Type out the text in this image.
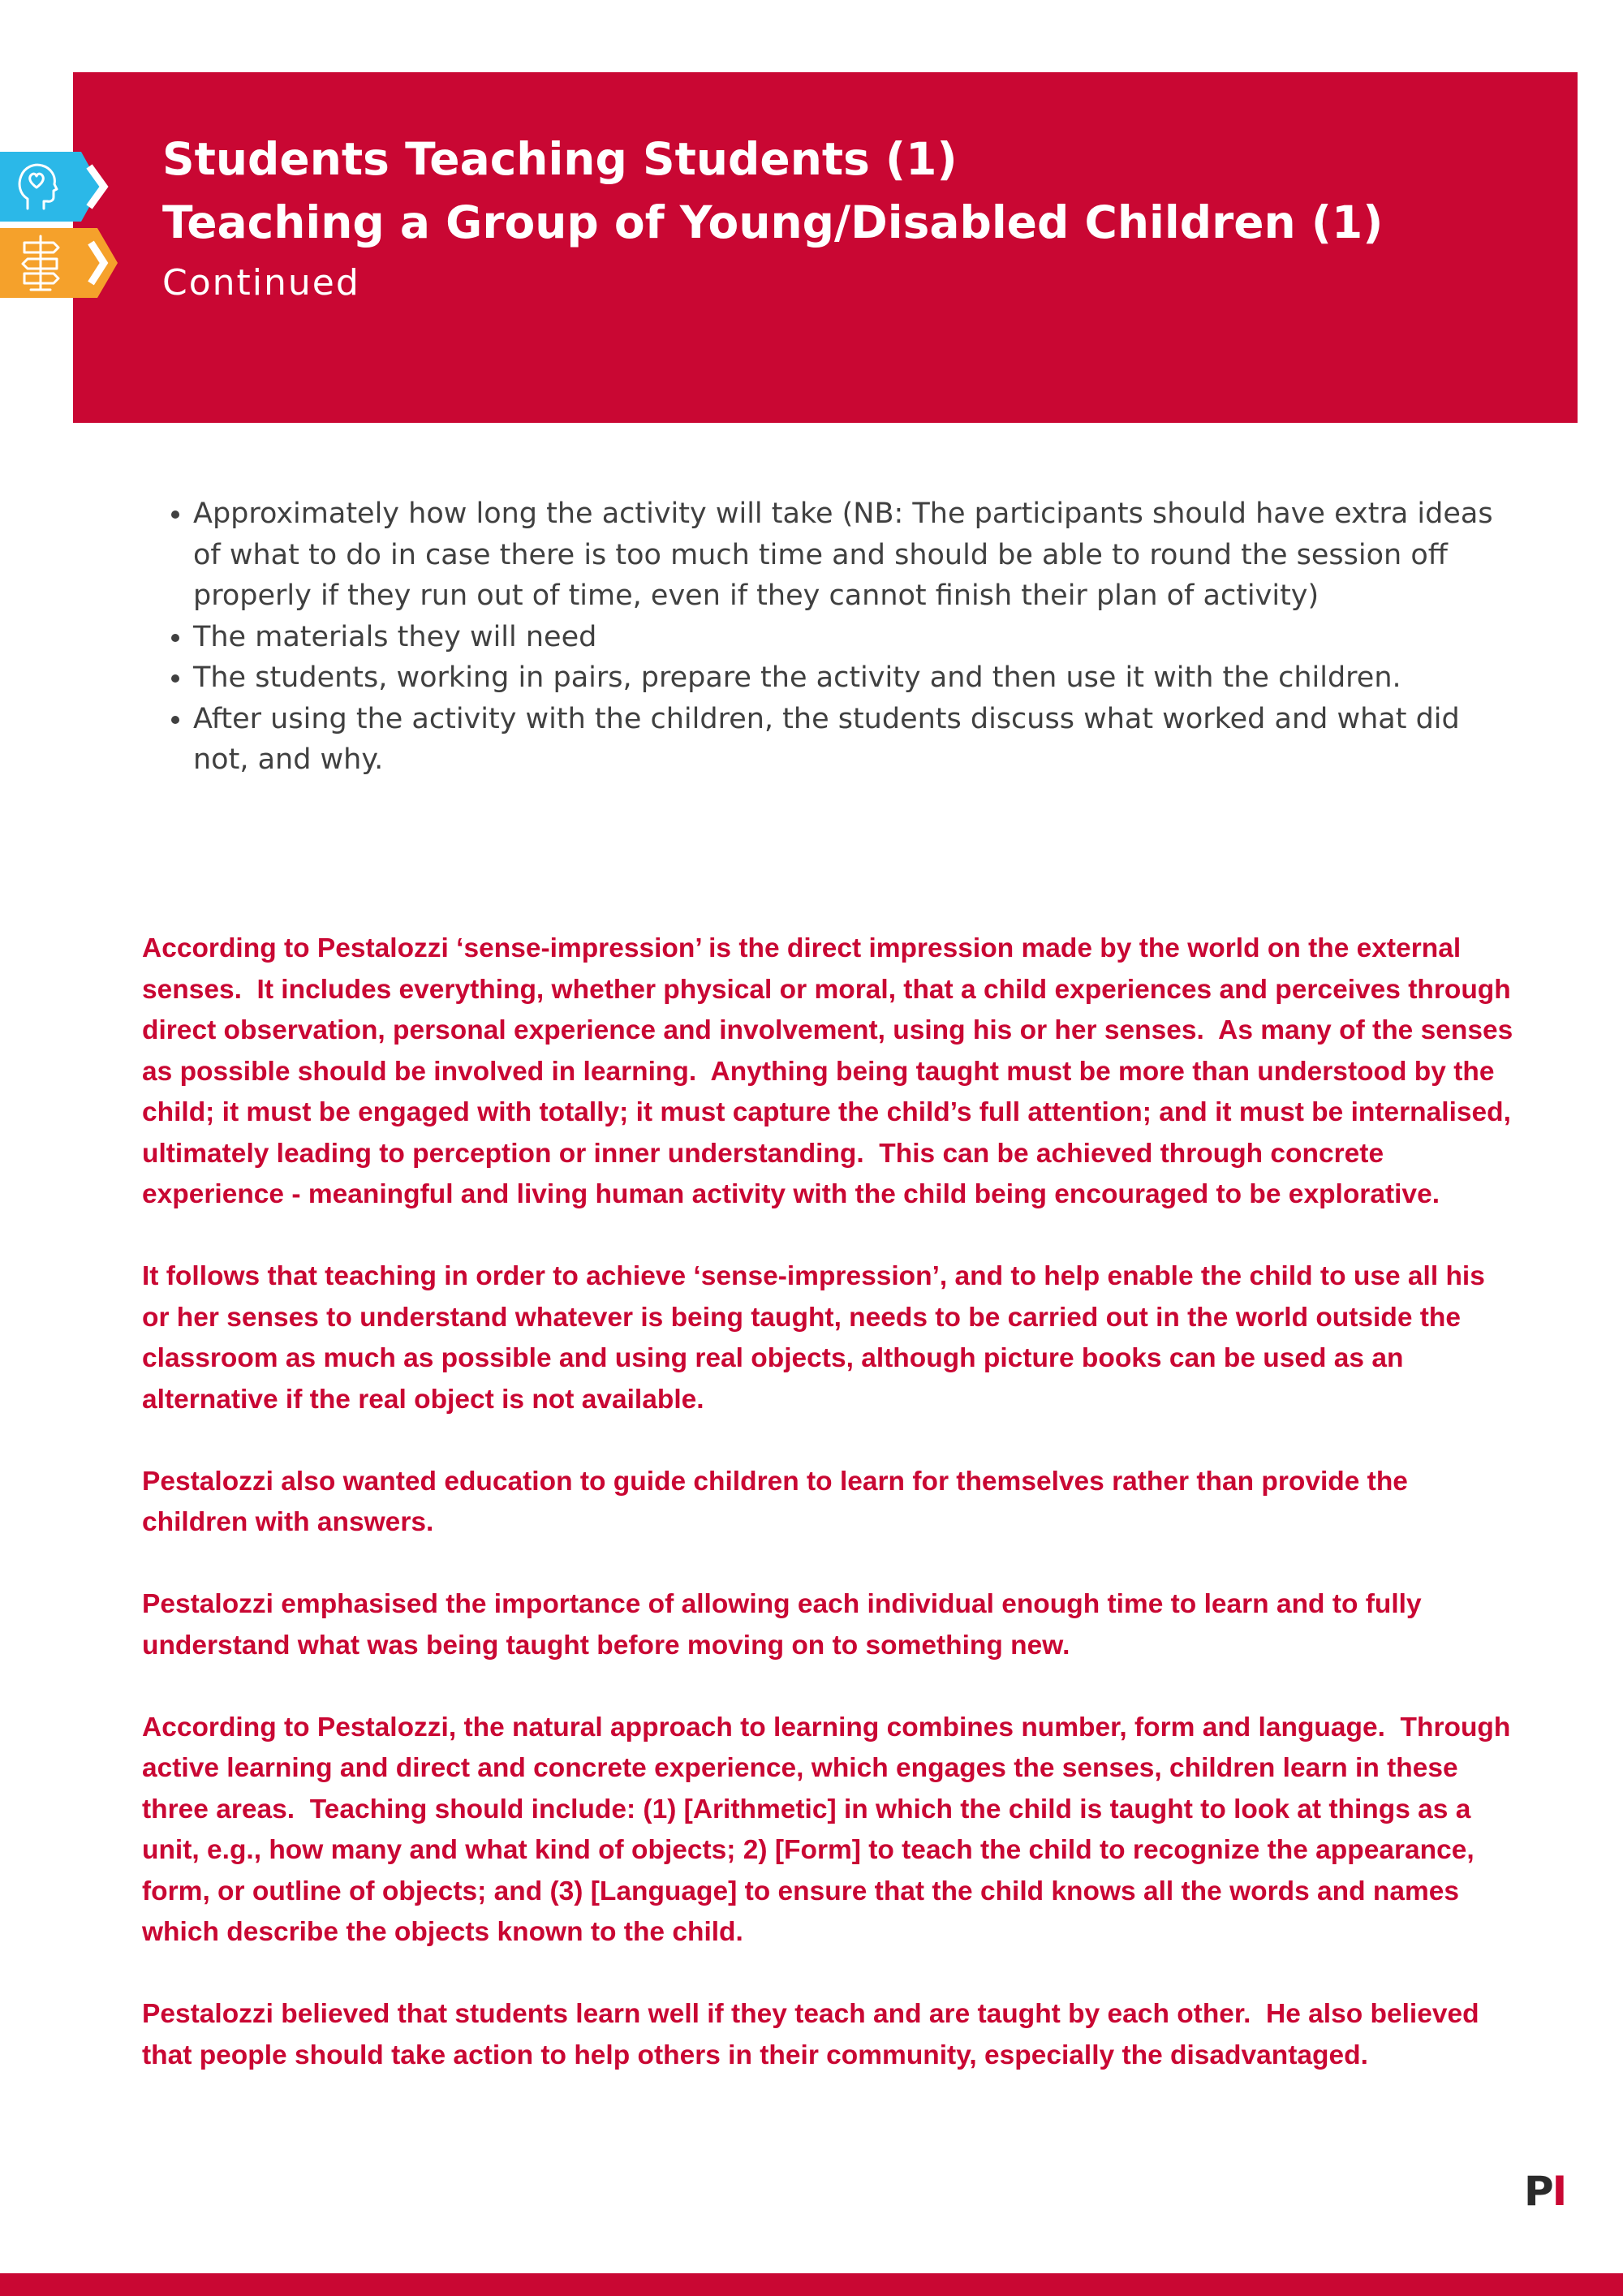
Students Teaching Students (1)
Teaching a Group of Young/Disabled Children (1)

Continued

• Approximately how long the activity will take (NB: The participants should have extra ideas of what to do in case there is too much time and should be able to round the session off properly if they run out of time, even if they cannot finish their plan of activity)
• The materials they will need
• The students, working in pairs, prepare the activity and then use it with the children.
• After using the activity with the children, the students discuss what worked and what did not, and why.

According to Pestalozzi ‘sense-impression’ is the direct impression made by the world on the external senses.  It includes everything, whether physical or moral, that a child experiences and perceives through direct observation, personal experience and involvement, using his or her senses.  As many of the senses as possible should be involved in learning.  Anything being taught must be more than understood by the child; it must be engaged with totally; it must capture the child’s full attention; and it must be internalised, ultimately leading to perception or inner understanding.  This can be achieved through concrete experience - meaningful and living human activity with the child being encouraged to be explorative.

It follows that teaching in order to achieve ‘sense-impression’, and to help enable the child to use all his or her senses to understand whatever is being taught, needs to be carried out in the world outside the classroom as much as possible and using real objects, although picture books can be used as an alternative if the real object is not available.

Pestalozzi also wanted education to guide children to learn for themselves rather than provide the children with answers.

Pestalozzi emphasised the importance of allowing each individual enough time to learn and to fully understand what was being taught before moving on to something new.

According to Pestalozzi, the natural approach to learning combines number, form and language.  Through active learning and direct and concrete experience, which engages the senses, children learn in these three areas.  Teaching should include: (1) [Arithmetic] in which the child is taught to look at things as a unit, e.g., how many and what kind of objects; 2) [Form] to teach the child to recognize the appearance, form, or outline of objects; and (3) [Language] to ensure that the child knows all the words and names which describe the objects known to the child.

Pestalozzi believed that students learn well if they teach and are taught by each other.  He also believed that people should take action to help others in their community, especially the disadvantaged.

PI
